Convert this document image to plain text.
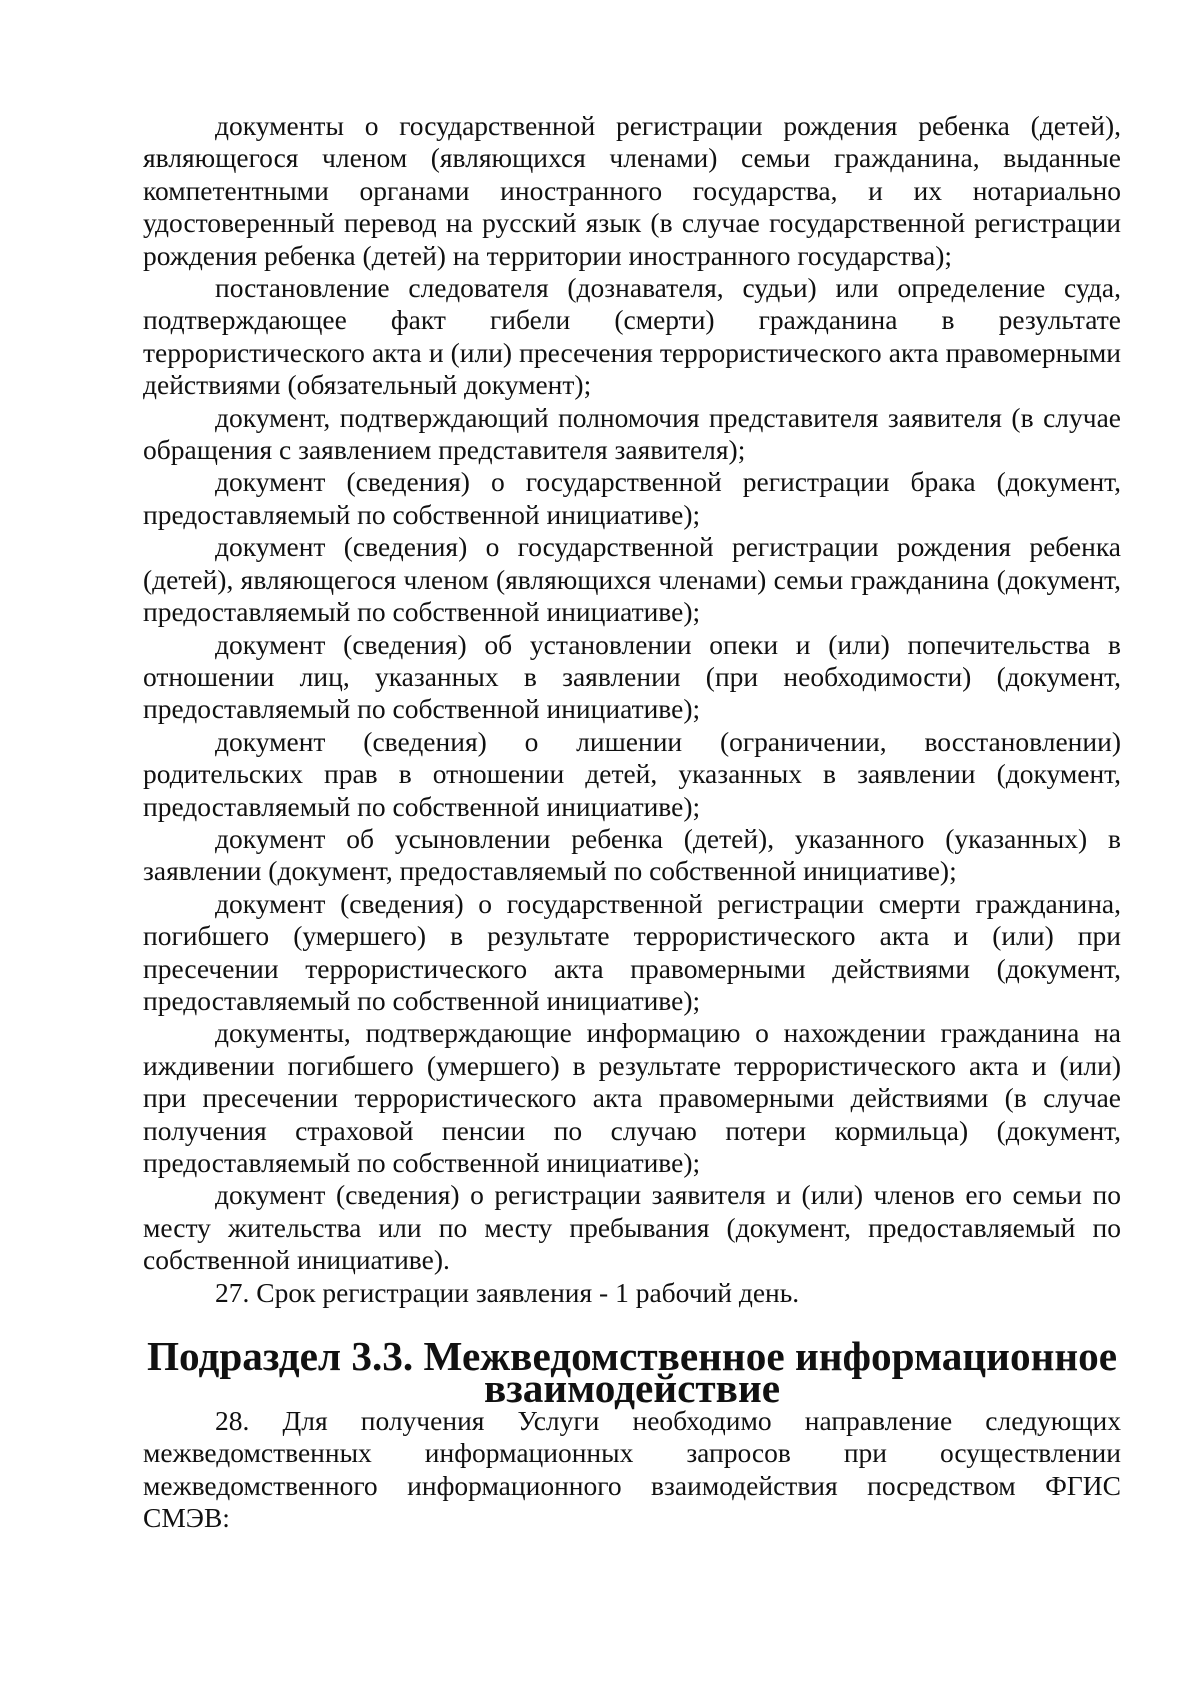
документы о государственной регистрации рождения ребенка (детей), являющегося членом (являющихся членами) семьи гражданина, выданные компетентными органами иностранного государства, и их нотариально удостоверенный перевод на русский язык (в случае государственной регистрации рождения ребенка (детей) на территории иностранного государства);

постановление следователя (дознавателя, судьи) или определение суда, подтверждающее факт гибели (смерти) гражданина в результате террористического акта и (или) пресечения террористического акта правомерными действиями (обязательный документ);

документ, подтверждающий полномочия представителя заявителя (в случае обращения с заявлением представителя заявителя);

документ (сведения) о государственной регистрации брака (документ, предоставляемый по собственной инициативе);

документ (сведения) о государственной регистрации рождения ребенка (детей), являющегося членом (являющихся членами) семьи гражданина (документ, предоставляемый по собственной инициативе);

документ (сведения) об установлении опеки и (или) попечительства в отношении лиц, указанных в заявлении (при необходимости) (документ, предоставляемый по собственной инициативе);

документ (сведения) о лишении (ограничении, восстановлении) родительских прав в отношении детей, указанных в заявлении (документ, предоставляемый по собственной инициативе);

документ об усыновлении ребенка (детей), указанного (указанных) в заявлении (документ, предоставляемый по собственной инициативе);

документ (сведения) о государственной регистрации смерти гражданина, погибшего (умершего) в результате террористического акта и (или) при пресечении террористического акта правомерными действиями (документ, предоставляемый по собственной инициативе);

документы, подтверждающие информацию о нахождении гражданина на иждивении погибшего (умершего) в результате террористического акта и (или) при пресечении террористического акта правомерными действиями (в случае получения страховой пенсии по случаю потери кормильца) (документ, предоставляемый по собственной инициативе);

документ (сведения) о регистрации заявителя и (или) членов его семьи по месту жительства или по месту пребывания (документ, предоставляемый по собственной инициативе).

27. Срок регистрации заявления - 1 рабочий день.

Подраздел 3.3. Межведомственное информационное взаимодействие

28. Для получения Услуги необходимо направление следующих межведомственных информационных запросов при осуществлении межведомственного информационного взаимодействия посредством ФГИС СМЭВ:
